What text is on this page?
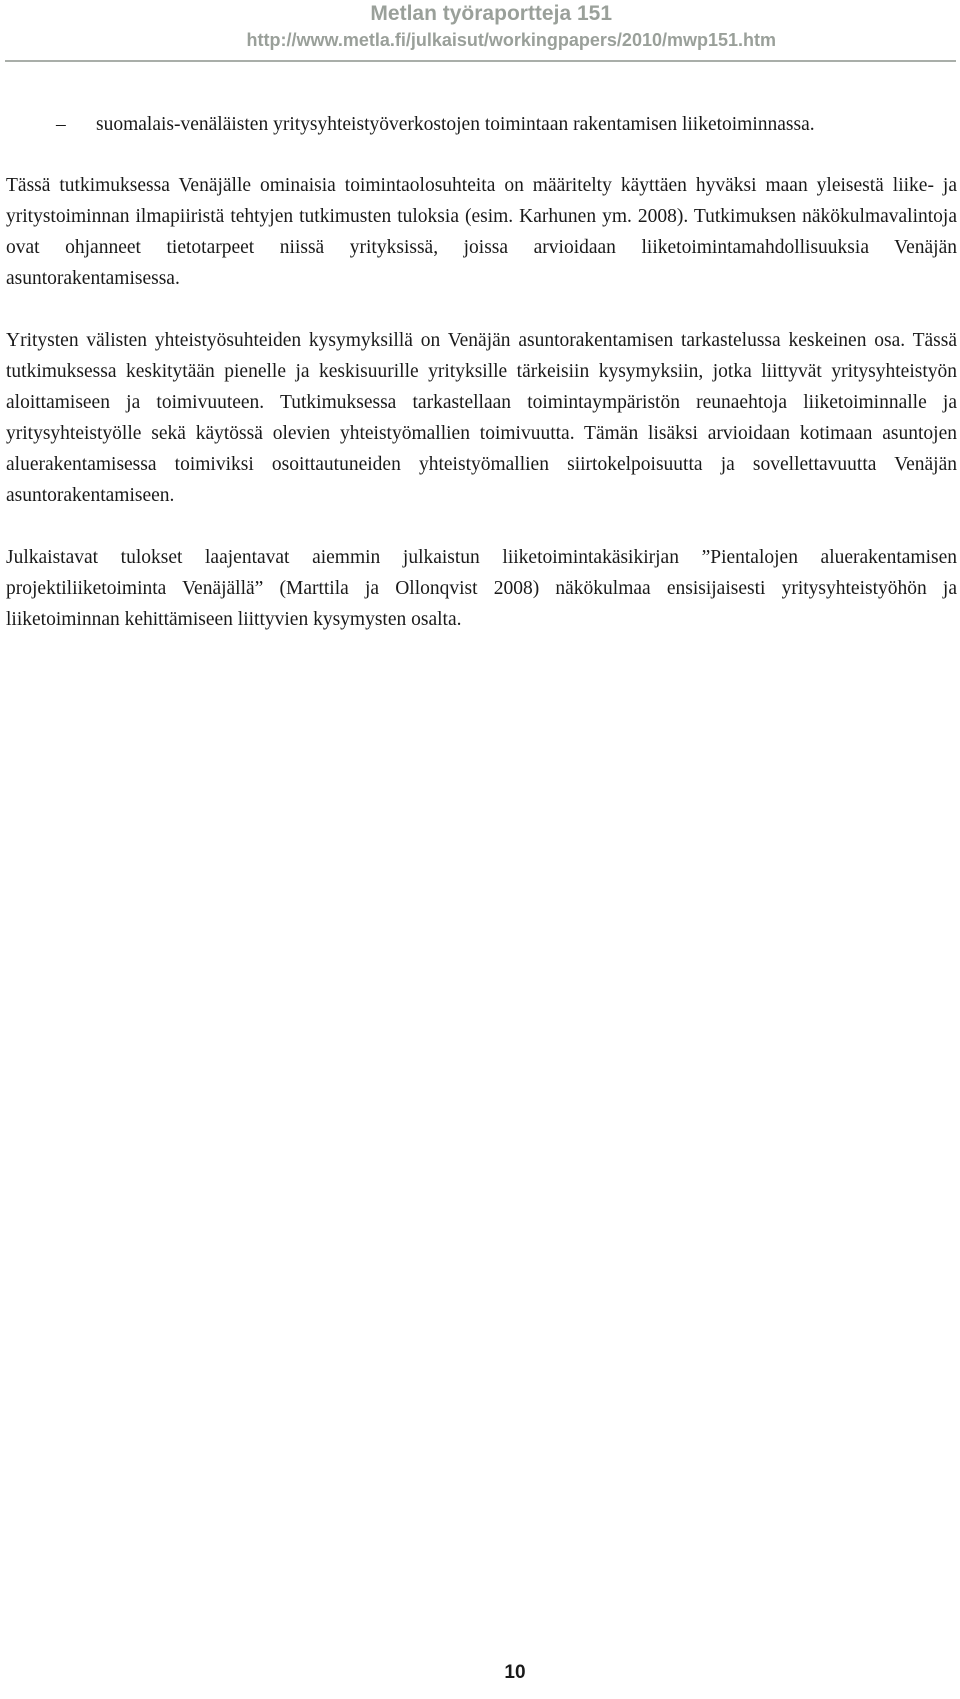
Metlan työraportteja 151
http://www.metla.fi/julkaisut/workingpapers/2010/mwp151.htm
– suomalais-venäläisten yritysyhteistyöverkostojen toimintaan rakentamisen liiketoiminnassa.

Tässä tutkimuksessa Venäjälle ominaisia toimintaolosuhteita on määritelty käyttäen hyväksi maan yleisestä liike- ja yritystoiminnan ilmapiiristä tehtyjen tutkimusten tuloksia (esim. Karhunen ym. 2008). Tutkimuksen näkökulmavalintoja ovat ohjanneet tietotarpeet niissä yrityksissä, joissa arvioidaan liiketoimintamahdollisuuksia Venäjän asuntorakentamisessa.

Yritysten välisten yhteistyösuhteiden kysymyksillä on Venäjän asuntorakentamisen tarkastelussa keskeinen osa. Tässä tutkimuksessa keskitytään pienelle ja keskisuurille yrityksille tärkeisiin kysymyksiin, jotka liittyvät yritysyhteistyön aloittamiseen ja toimivuuteen. Tutkimuksessa tarkastellaan toimintaympäristön reunaehtoja liiketoiminnalle ja yritysyhteistyölle sekä käytössä olevien yhteistyömallien toimivuutta. Tämän lisäksi arvioidaan kotimaan asuntojen aluerakentamisessa toimiviksi osoittautuneiden yhteistyömallien siirtokelpoisuutta ja sovellettavuutta Venäjän asuntorakentamiseen.

Julkaistavat tulokset laajentavat aiemmin julkaistun liiketoimintakäsikirjan ”Pientalojen aluerakentamisen projektiliiketoiminta Venäjällä” (Marttila ja Ollonqvist 2008) näkökulmaa ensisijaisesti yritysyhteistyöhön ja liiketoiminnan kehittämiseen liittyvien kysymysten osalta.

10
